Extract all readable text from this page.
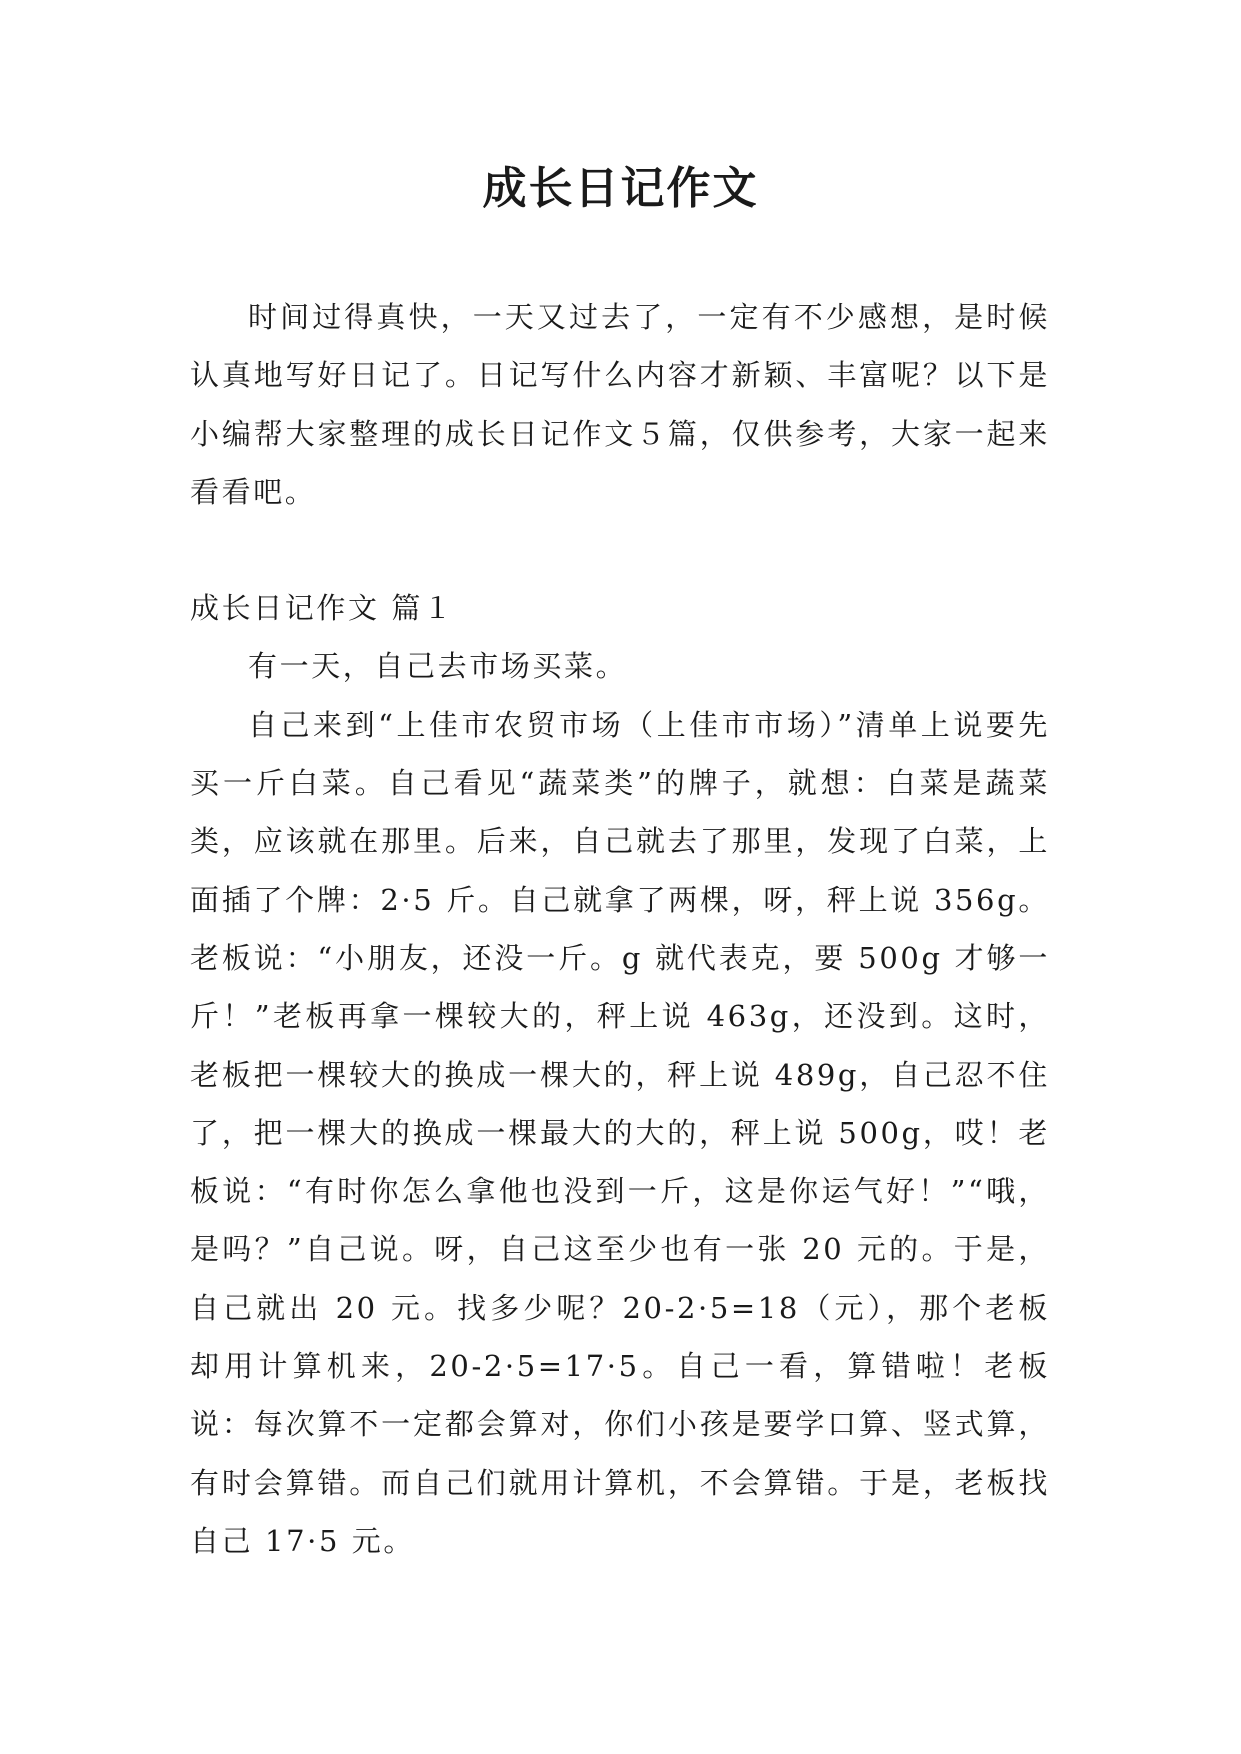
成长日记作文

时间过得真快，一天又过去了，一定有不少感想，是时候认真地写好日记了。日记写什么内容才新颖、丰富呢？以下是小编帮大家整理的成长日记作文５篇，仅供参考，大家一起来看看吧。

成长日记作文 篇１

有一天，自己去市场买菜。

自己来到“上佳市农贸市场（上佳市市场）”清单上说要先买一斤白菜。自己看见“蔬菜类”的牌子，就想：白菜是蔬菜类，应该就在那里。后来，自己就去了那里，发现了白菜，上面插了个牌：2·5 斤。自己就拿了两棵，呀，秤上说 356g。老板说：“小朋友，还没一斤。g 就代表克，要 500g 才够一斤！”老板再拿一棵较大的，秤上说 463g，还没到。这时，老板把一棵较大的换成一棵大的，秤上说 489g，自己忍不住了，把一棵大的换成一棵最大的大的，秤上说 500g，哎！老板说：“有时你怎么拿他也没到一斤，这是你运气好！”“哦，是吗？”自己说。呀，自己这至少也有一张 20 元的。于是，自己就出 20 元。找多少呢？20-2·5=18（元），那个老板却用计算机来，20-2·5=17·5。自己一看，算错啦！老板说：每次算不一定都会算对，你们小孩是要学口算、竖式算，有时会算错。而自己们就用计算机，不会算错。于是，老板找自己 17·5 元。
